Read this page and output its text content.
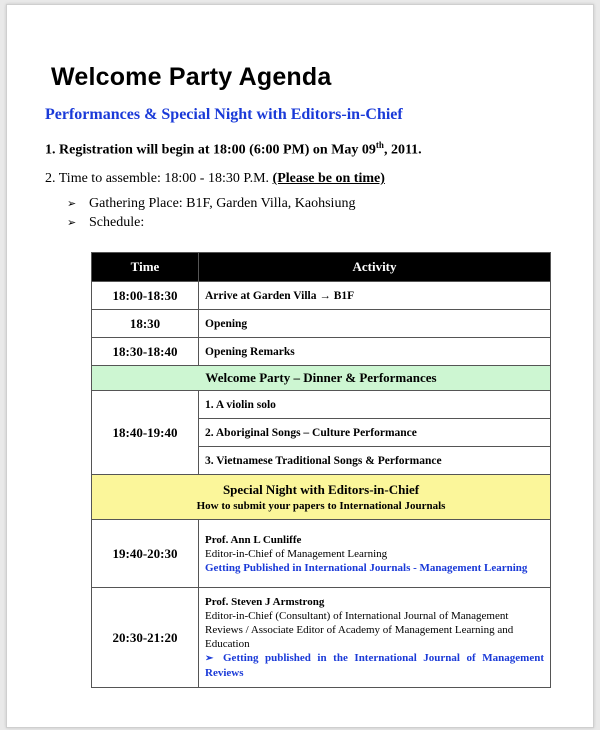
Welcome Party Agenda
Performances & Special Night with Editors-in-Chief
1. Registration will begin at 18:00 (6:00 PM) on May 09th, 2011.
2. Time to assemble: 18:00 - 18:30 P.M. (Please be on time)
➢ Gathering Place: B1F, Garden Villa, Kaohsiung
➢ Schedule:
Time	Activity
18:00-18:30	Arrive at Garden Villa → B1F
18:30	Opening
18:30-18:40	Opening Remarks
Welcome Party – Dinner & Performances	
18:40-19:40	1. A violin solo
	2. Aboriginal Songs – Culture Performance
	3. Vietnamese Traditional Songs & Performance

Special Night with Editors-in-Chief
How to submit your papers to International Journals	

19:40-20:30	Prof. Ann L Cunliffe
Editor-in-Chief of Management Learning
Getting Published in International Journals - Management Learning

20:30-21:20	Prof. Steven J Armstrong
Editor-in-Chief (Consultant) of International Journal of Management Reviews / Associate Editor of Academy of Management Learning and Education
➢ Getting published in the International Journal of Management Reviews
